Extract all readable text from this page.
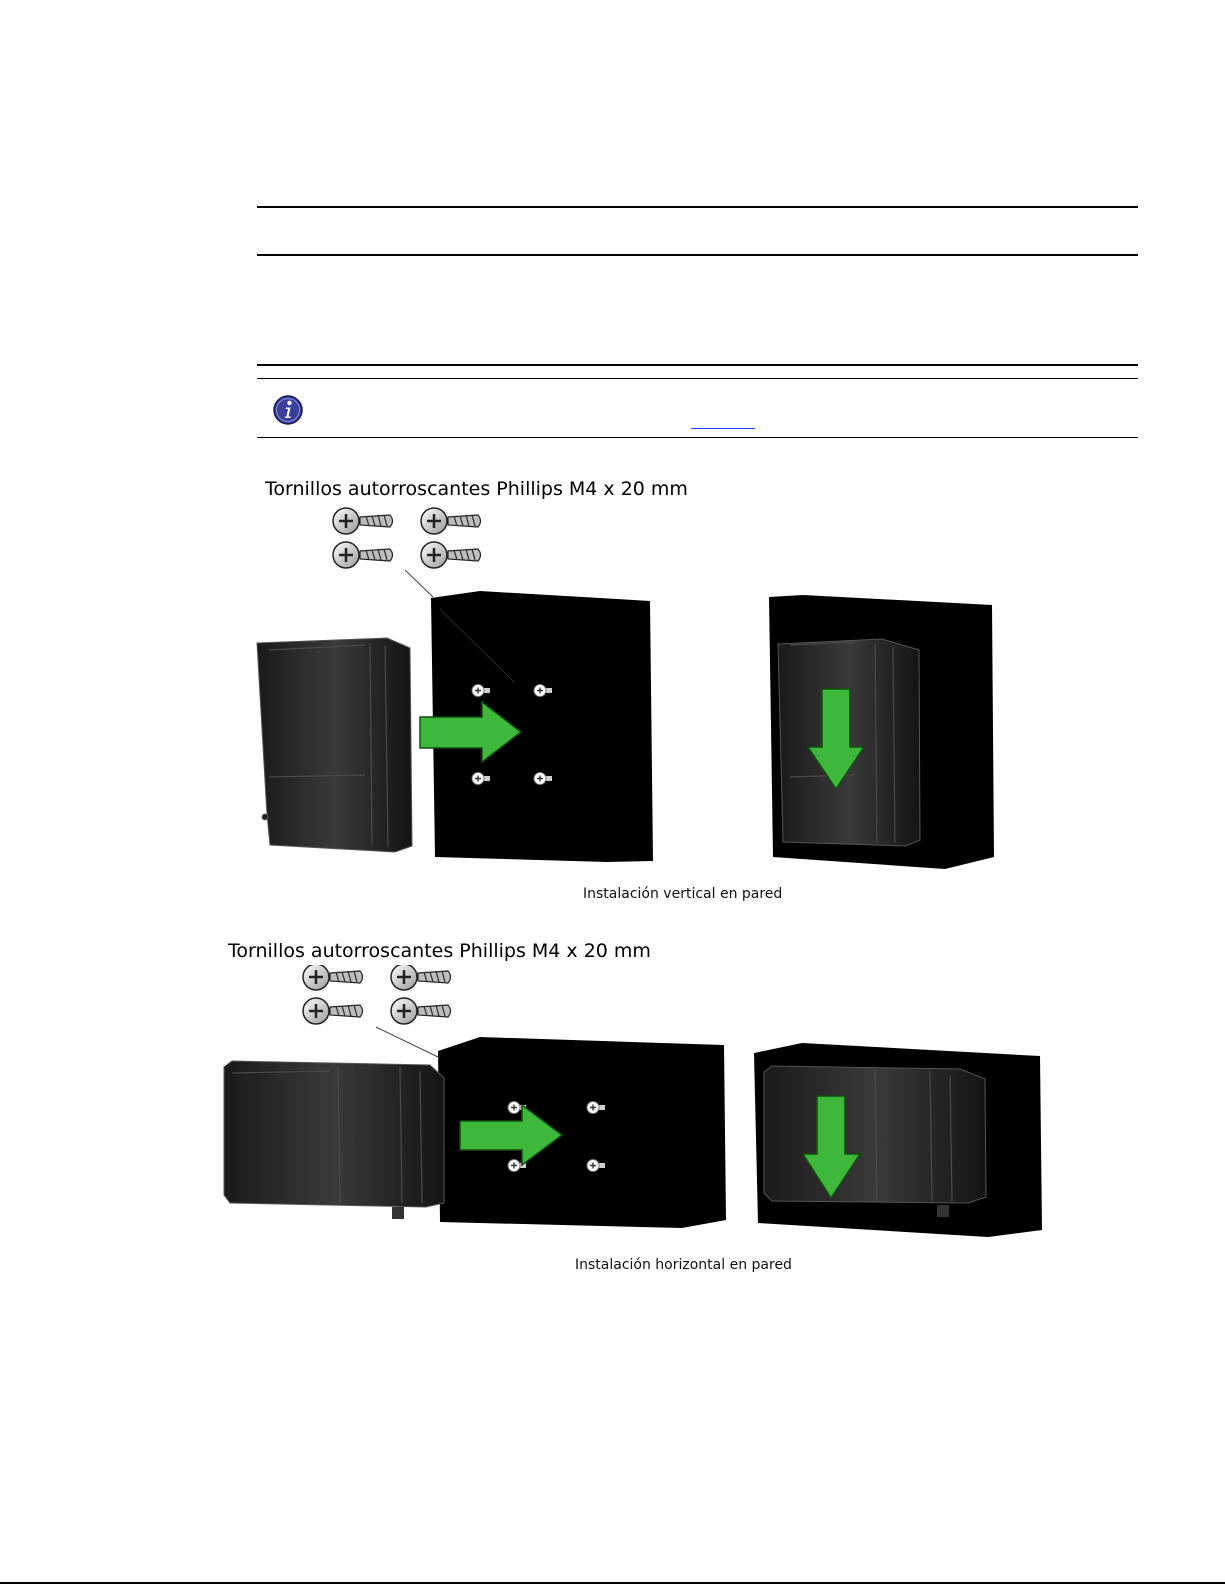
Tornillos autorroscantes Phillips M4 x 20 mm
Instalación vertical en pared
Tornillos autorroscantes Phillips M4 x 20 mm
Instalación horizontal en pared
